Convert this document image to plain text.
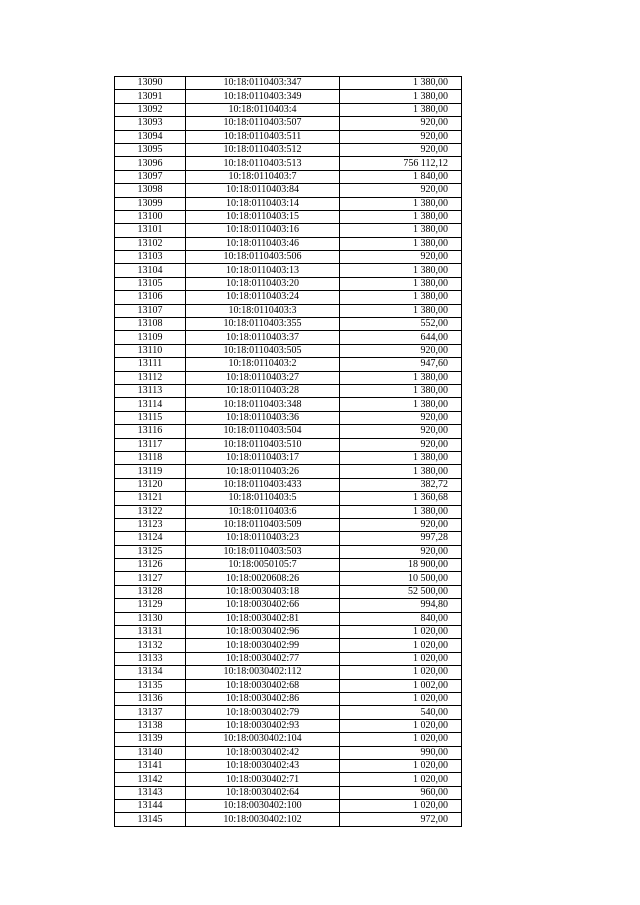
13090	10:18:0110403:347	1 380,00
13091	10:18:0110403:349	1 380,00
13092	10:18:0110403:4	1 380,00
13093	10:18:0110403:507	920,00
13094	10:18:0110403:511	920,00
13095	10:18:0110403:512	920,00
13096	10:18:0110403:513	756 112,12
13097	10:18:0110403:7	1 840,00
13098	10:18:0110403:84	920,00
13099	10:18:0110403:14	1 380,00
13100	10:18:0110403:15	1 380,00
13101	10:18:0110403:16	1 380,00
13102	10:18:0110403:46	1 380,00
13103	10:18:0110403:506	920,00
13104	10:18:0110403:13	1 380,00
13105	10:18:0110403:20	1 380,00
13106	10:18:0110403:24	1 380,00
13107	10:18:0110403:3	1 380,00
13108	10:18:0110403:355	552,00
13109	10:18:0110403:37	644,00
13110	10:18:0110403:505	920,00
13111	10:18:0110403:2	947,60
13112	10:18:0110403:27	1 380,00
13113	10:18:0110403:28	1 380,00
13114	10:18:0110403:348	1 380,00
13115	10:18:0110403:36	920,00
13116	10:18:0110403:504	920,00
13117	10:18:0110403:510	920,00
13118	10:18:0110403:17	1 380,00
13119	10:18:0110403:26	1 380,00
13120	10:18:0110403:433	382,72
13121	10:18:0110403:5	1 360,68
13122	10:18:0110403:6	1 380,00
13123	10:18:0110403:509	920,00
13124	10:18:0110403:23	997,28
13125	10:18:0110403:503	920,00
13126	10:18:0050105:7	18 900,00
13127	10:18:0020608:26	10 500,00
13128	10:18:0030403:18	52 500,00
13129	10:18:0030402:66	994,80
13130	10:18:0030402:81	840,00
13131	10:18:0030402:96	1 020,00
13132	10:18:0030402:99	1 020,00
13133	10:18:0030402:77	1 020,00
13134	10:18:0030402:112	1 020,00
13135	10:18:0030402:68	1 002,00
13136	10:18:0030402:86	1 020,00
13137	10:18:0030402:79	540,00
13138	10:18:0030402:93	1 020,00
13139	10:18:0030402:104	1 020,00
13140	10:18:0030402:42	990,00
13141	10:18:0030402:43	1 020,00
13142	10:18:0030402:71	1 020,00
13143	10:18:0030402:64	960,00
13144	10:18:0030402:100	1 020,00
13145	10:18:0030402:102	972,00
